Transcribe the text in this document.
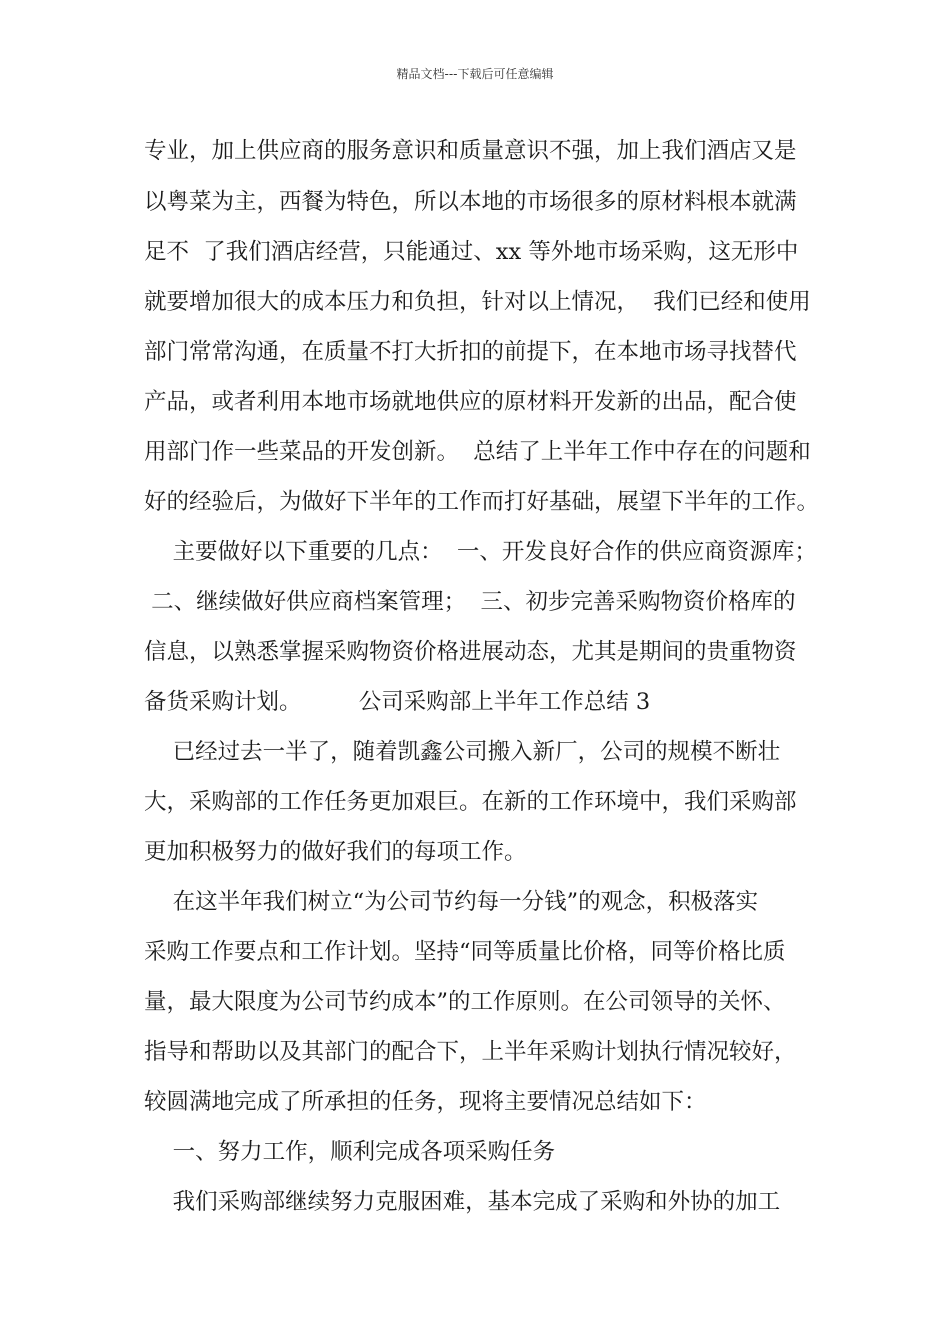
精品文档---下载后可任意编辑
专业，加上供应商的服务意识和质量意识不强，加上我们酒店又是
以粤菜为主，西餐为特色，所以本地的市场很多的原材料根本就满
足不  了我们酒店经营，只能通过、xx 等外地市场采购，这无形中
就要增加很大的成本压力和负担，针对以上情况，  我们已经和使用
部门常常沟通，在质量不打大折扣的前提下，在本地市场寻找替代
产品，或者利用本地市场就地供应的原材料开发新的出品，配合使
用部门作一些菜品的开发创新。  总结了上半年工作中存在的问题和
好的经验后，为做好下半年的工作而打好基础，展望下半年的工作。
主要做好以下重要的几点：  一、开发良好合作的供应商资源库；
二、继续做好供应商档案管理；  三、初步完善采购物资价格库的
信息，以熟悉掌握采购物资价格进展动态，尤其是期间的贵重物资
备货采购计划。        公司采购部上半年工作总结 3
已经过去一半了，随着凯鑫公司搬入新厂，公司的规模不断壮
大，采购部的工作任务更加艰巨。在新的工作环境中，我们采购部
更加积极努力的做好我们的每项工作。
在这半年我们树立“为公司节约每一分钱”的观念，积极落实
采购工作要点和工作计划。坚持“同等质量比价格，同等价格比质
量，最大限度为公司节约成本”的工作原则。在公司领导的关怀、
指导和帮助以及其部门的配合下，上半年采购计划执行情况较好，
较圆满地完成了所承担的任务，现将主要情况总结如下：
一、努力工作，顺利完成各项采购任务
我们采购部继续努力克服困难，基本完成了采购和外协的加工
